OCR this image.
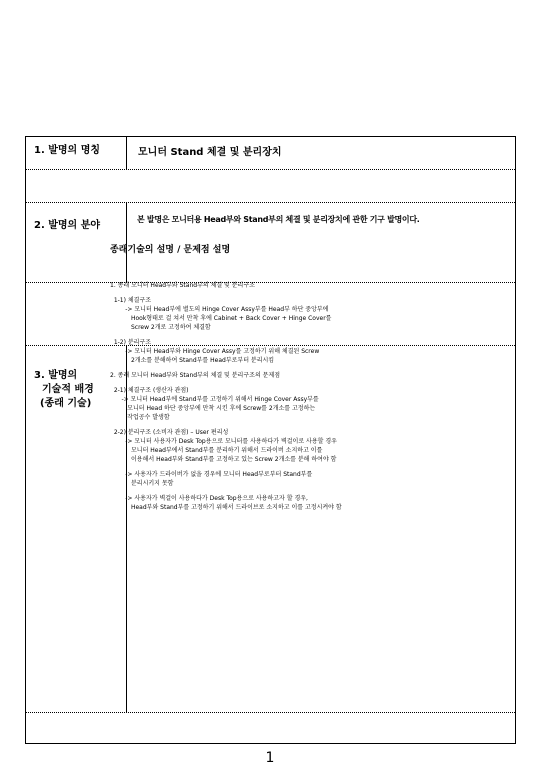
1. 발명의 명칭	모니터 Stand 체결 및 분리장치
2. 발명의 분야
본 발명은 모니터용 Head부와 Stand부의 체결 및 분리장치에 관한 기구 발명이다.
3. 발명의
기술적 배경
(종래 기술)

종래기술의 설명 / 문제점 설명

1. 종래 모니터 Head부와 Stand부의 체결 및 분리구조
1-1) 체결구조
-> 모니터 Head부에 별도의 Hinge Cover Assy부를 Head부 하단 중앙부에
Hook형태로 걸 쳐서 만착 후에 Cabinet + Back Cover + Hinge Cover를
Screw 2개로 고정하여 체결함
1-2) 분리구조
-> 모니터 Head부와 Hinge Cover Assy를 고정하기 위해 체결된 Screw
2개소를 분해하여 Stand부를 Head부로부터 분리시킴
2. 종래 모니터 Head부와 Stand부의 체결 및 분리구조의 문제점
2-1) 체결구조 (생산자 관점)
-> 모니터 Head부에 Stand부를 고정하기 위해서 Hinge Cover Assy부를
모니터 Head 하단 중앙부에 만착 시킨 후에 Screw를 2개소를 고정하는
작업공수 발생함
2-2) 분리구조 (소비자 관점) – User 편리성
-> 모니터 사용자가 Desk Top용으로 모니터를 사용하다가 벽걸이로 사용할 경우
모니터 Head부에서 Stand부를 분리하기 위해서 드라이버 소지하고 이를
이용해서 Head부와 Stand부를 고정하고 있는 Screw 2개소를 분해 하여야 함
-> 사용자가 드라이버가 없을 경우에 모니터 Head부로부터 Stand부를
분리시키지 못함
-> 사용자가 벽걸이 사용하다가 Desk Top용으로 사용하고자 할 경우,
Head부와 Stand부를 고정하기 위해서 드라이브로 소지하고 이를 고정시켜야 함

1
